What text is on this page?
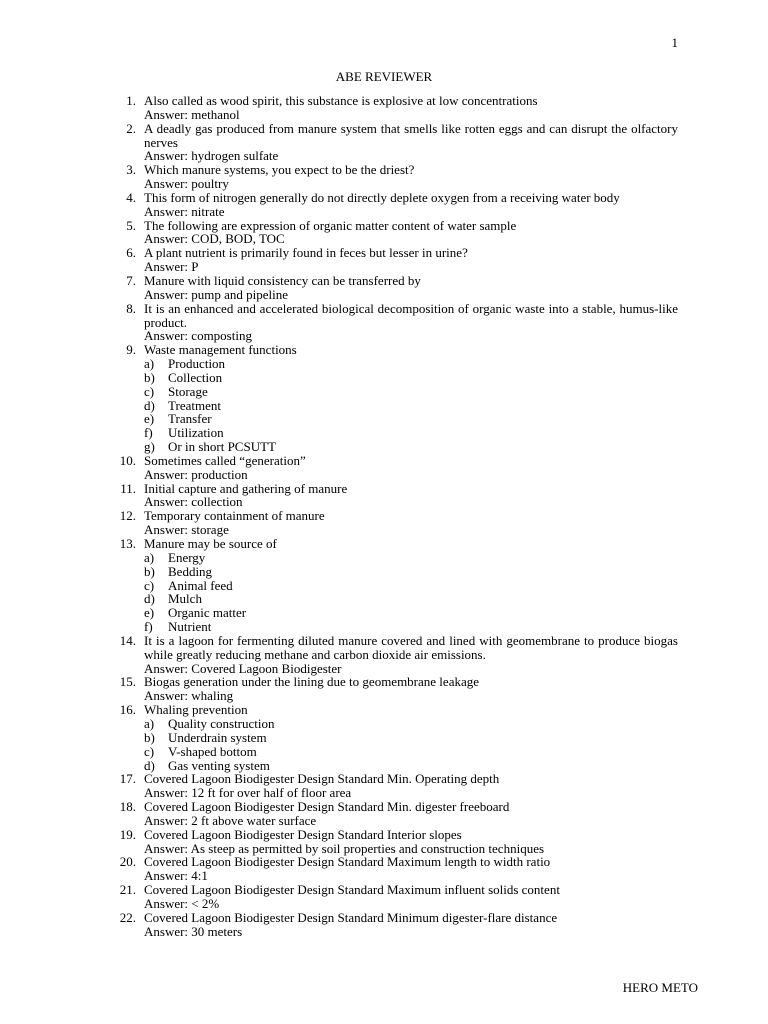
1
ABE REVIEWER
1. Also called as wood spirit, this substance is explosive at low concentrations
Answer: methanol
2. A deadly gas produced from manure system that smells like rotten eggs and can disrupt the olfactory nerves
Answer: hydrogen sulfate
3. Which manure systems, you expect to be the driest?
Answer: poultry
4. This form of nitrogen generally do not directly deplete oxygen from a receiving water body
Answer: nitrate
5. The following are expression of organic matter content of water sample
Answer: COD, BOD, TOC
6. A plant nutrient is primarily found in feces but lesser in urine?
Answer: P
7. Manure with liquid consistency can be transferred by
Answer: pump and pipeline
8. It is an enhanced and accelerated biological decomposition of organic waste into a stable, humus-like product.
Answer: composting
9. Waste management functions
a)	Production
b)	Collection
c)	Storage
d)	Treatment
e)	Transfer
f)	Utilization
g)	Or in short PCSUTT
10. Sometimes called “generation”
Answer: production
11. Initial capture and gathering of manure
Answer: collection
12. Temporary containment of manure
Answer: storage
13. Manure may be source of
a)	Energy
b)	Bedding
c)	Animal feed
d)	Mulch
e)	Organic matter
f)	Nutrient
14. It is a lagoon for fermenting diluted manure covered and lined with geomembrane to produce biogas while greatly reducing methane and carbon dioxide air emissions.
Answer: Covered Lagoon Biodigester
15. Biogas generation under the lining due to geomembrane leakage
Answer: whaling
16. Whaling prevention
a)	Quality construction
b)	Underdrain system
c)	V-shaped bottom
d)	Gas venting system
17. Covered Lagoon Biodigester Design Standard Min. Operating depth
Answer: 12 ft for over half of floor area
18. Covered Lagoon Biodigester Design Standard Min. digester freeboard
Answer: 2 ft above water surface
19. Covered Lagoon Biodigester Design Standard Interior slopes
Answer: As steep as permitted by soil properties and construction techniques
20. Covered Lagoon Biodigester Design Standard Maximum length to width ratio
Answer: 4:1
21. Covered Lagoon Biodigester Design Standard Maximum influent solids content
Answer: < 2%
22. Covered Lagoon Biodigester Design Standard Minimum digester-flare distance
Answer: 30 meters
HERO METO
